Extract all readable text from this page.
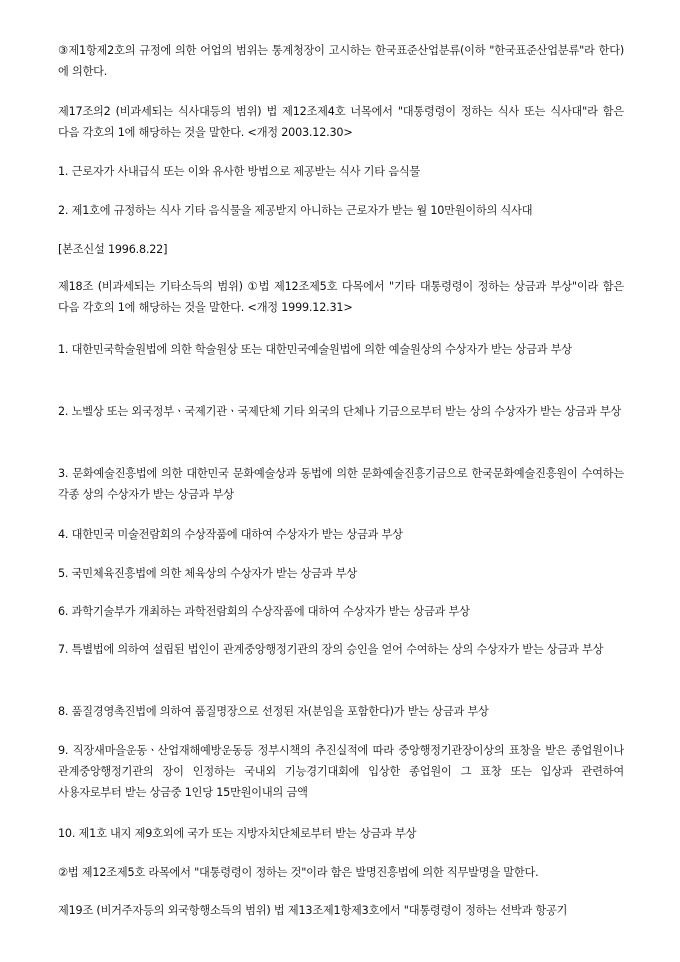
③제1항제2호의 규정에 의한 어업의 범위는 통계청장이 고시하는 한국표준산업분류(이하 "한국표준산업분류"라 한다)에 의한다.

제17조의2 (비과세되는 식사대등의 범위) 법 제12조제4호 너목에서 "대통령령이 정하는 식사 또는 식사대"라 함은 다음 각호의 1에 해당하는 것을 말한다. <개정 2003.12.30>

1. 근로자가 사내급식 또는 이와 유사한 방법으로 제공받는 식사 기타 음식물

2. 제1호에 규정하는 식사 기타 음식물을 제공받지 아니하는 근로자가 받는 월 10만원이하의 식사대

[본조신설 1996.8.22]

제18조 (비과세되는 기타소득의 범위) ①법 제12조제5호 다목에서 "기타 대통령령이 정하는 상금과 부상"이라 함은 다음 각호의 1에 해당하는 것을 말한다. <개정 1999.12.31>

1. 대한민국학술원법에 의한 학술원상 또는 대한민국예술원법에 의한 예술원상의 수상자가 받는 상금과 부상

2. 노벨상 또는 외국정부ㆍ국제기관ㆍ국제단체 기타 외국의 단체나 기금으로부터 받는 상의 수상자가 받는 상금과 부상

3. 문화예술진흥법에 의한 대한민국 문화예술상과 동법에 의한 문화예술진흥기금으로 한국문화예술진흥원이 수여하는 각종 상의 수상자가 받는 상금과 부상

4. 대한민국 미술전람회의 수상작품에 대하여 수상자가 받는 상금과 부상

5. 국민체육진흥법에 의한 체육상의 수상자가 받는 상금과 부상

6. 과학기술부가 개최하는 과학전람회의 수상작품에 대하여 수상자가 받는 상금과 부상

7. 특별법에 의하여 설립된 법인이 관계중앙행정기관의 장의 승인을 얻어 수여하는 상의 수상자가 받는 상금과 부상

8. 품질경영촉진법에 의하여 품질명장으로 선정된 자(분임을 포함한다)가 받는 상금과 부상

9. 직장새마을운동ㆍ산업재해예방운동등 정부시책의 추진실적에 따라 중앙행정기관장이상의 표창을 받은 종업원이나 관계중앙행정기관의 장이 인정하는 국내외 기능경기대회에 입상한 종업원이 그 표창 또는 입상과 관련하여 사용자로부터 받는 상금중 1인당 15만원이내의 금액

10. 제1호 내지 제9호외에 국가 또는 지방자치단체로부터 받는 상금과 부상

②법 제12조제5호 라목에서 "대통령령이 정하는 것"이라 함은 발명진흥법에 의한 직무발명을 말한다.

제19조 (비거주자등의 외국항행소득의 범위) 법 제13조제1항제3호에서 "대통령령이 정하는 선박과 항공기
